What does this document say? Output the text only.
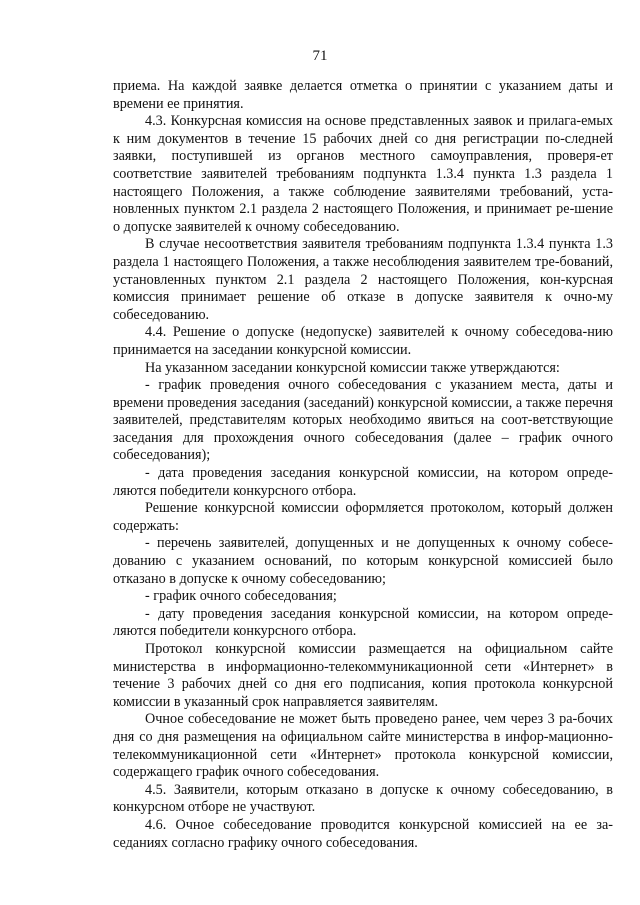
71

приема. На каждой заявке делается отметка о принятии с указанием даты и времени ее принятия.

4.3. Конкурсная комиссия на основе представленных заявок и прилага-емых к ним документов в течение 15 рабочих дней со дня регистрации по-следней заявки, поступившей из органов местного самоуправления, проверя-ет соответствие заявителей требованиям подпункта 1.3.4 пункта 1.3 раздела 1 настоящего Положения, а также соблюдение заявителями требований, уста-новленных пунктом 2.1 раздела 2 настоящего Положения, и принимает ре-шение о допуске заявителей к очному собеседованию.

В случае несоответствия заявителя требованиям подпункта 1.3.4 пункта 1.3 раздела 1 настоящего Положения, а также несоблюдения заявителем тре-бований, установленных пунктом 2.1 раздела 2 настоящего Положения, кон-курсная комиссия принимает решение об отказе в допуске заявителя к очно-му собеседованию.

4.4. Решение о допуске (недопуске) заявителей к очному собеседова-нию принимается на заседании конкурсной комиссии.

На указанном заседании конкурсной комиссии также утверждаются:

- график проведения очного собеседования с указанием места, даты и времени проведения заседания (заседаний) конкурсной комиссии, а также перечня заявителей, представителям которых необходимо явиться на соот-ветствующие заседания для прохождения очного собеседования (далее – график очного собеседования);

- дата проведения заседания конкурсной комиссии, на котором опреде-ляются победители конкурсного отбора.

Решение конкурсной комиссии оформляется протоколом, который должен содержать:

- перечень заявителей, допущенных и не допущенных к очному собесе-дованию с указанием оснований, по которым конкурсной комиссией было отказано в допуске к очному собеседованию;

- график очного собеседования;

- дату проведения заседания конкурсной комиссии, на котором опреде-ляются победители конкурсного отбора.

Протокол конкурсной комиссии размещается на официальном сайте министерства в информационно-телекоммуникационной сети «Интернет» в течение 3 рабочих дней со дня его подписания, копия протокола конкурсной комиссии в указанный срок направляется заявителям.

Очное собеседование не может быть проведено ранее, чем через 3 ра-бочих дня со дня размещения на официальном сайте министерства в инфор-мационно-телекоммуникационной сети «Интернет» протокола конкурсной комиссии, содержащего график очного собеседования.

4.5. Заявители, которым отказано в допуске к очному собеседованию, в конкурсном отборе не участвуют.

4.6. Очное собеседование проводится конкурсной комиссией на ее за-седаниях согласно графику очного собеседования.
